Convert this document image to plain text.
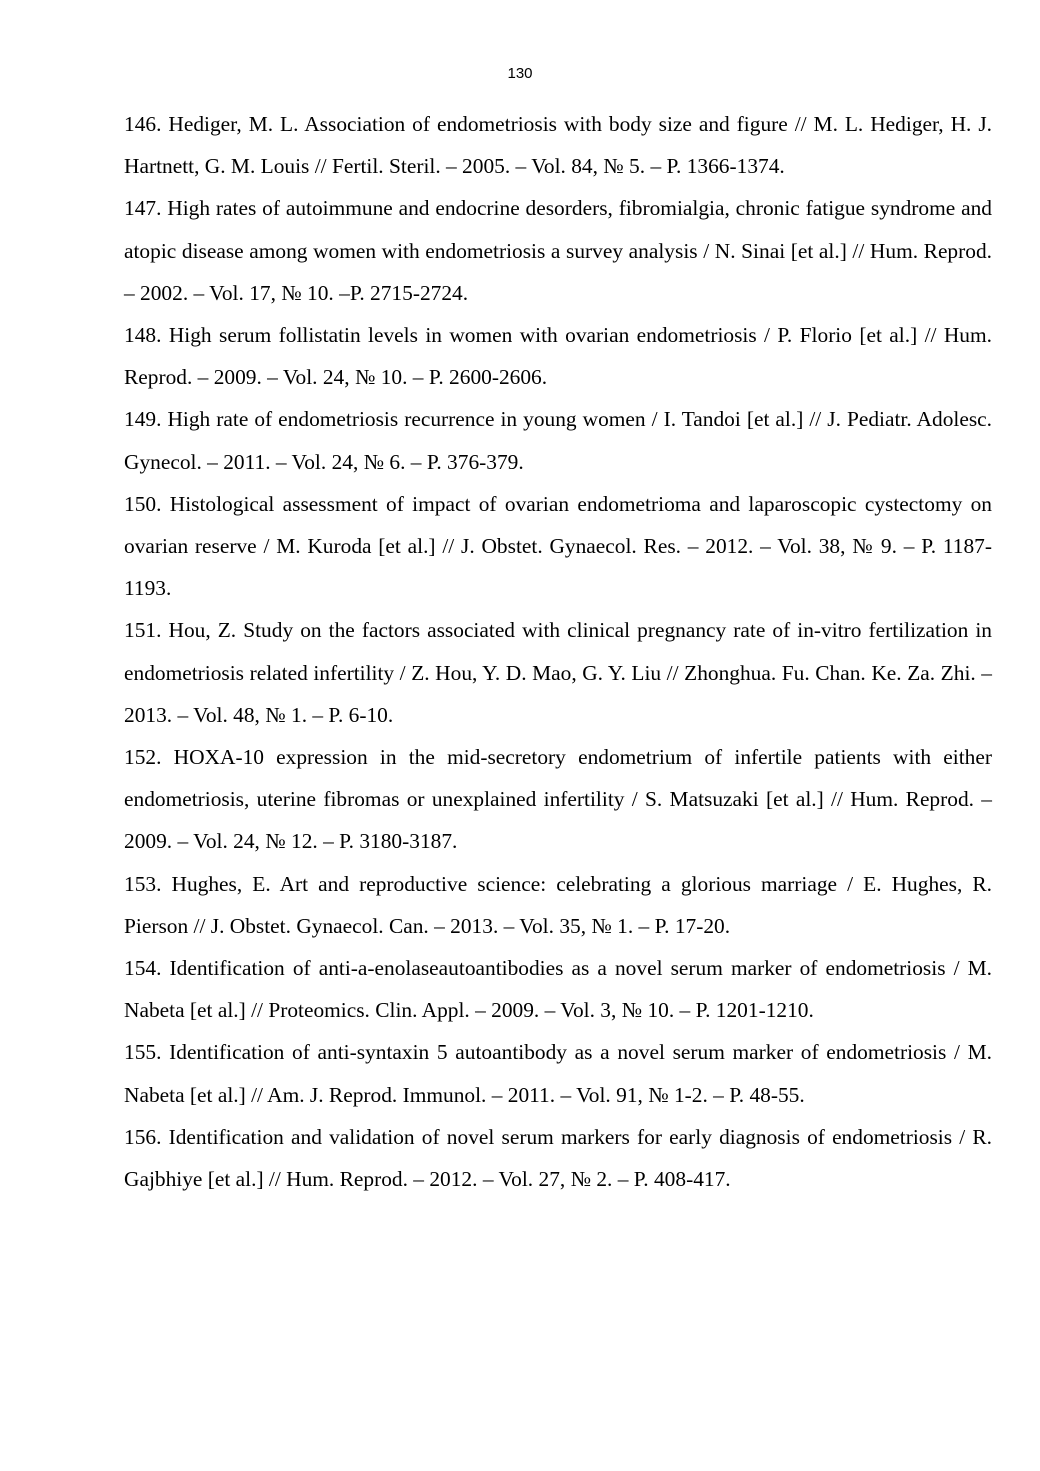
130

146. Hediger, M. L. Association of endometriosis with body size and figure // M. L. Hediger, H. J. Hartnett, G. M. Louis // Fertil. Steril. – 2005. – Vol. 84, № 5. – P. 1366-1374.

147. High rates of autoimmune and endocrine desorders, fibromialgia, chronic fatigue syndrome and atopic disease among women with endometriosis a survey analysis / N. Sinai [et al.] // Hum. Reprod. – 2002. – Vol. 17, № 10. –P. 2715-2724.

148. High serum follistatin levels in women with ovarian endometriosis / P. Florio [et al.] // Hum. Reprod. – 2009. – Vol. 24, № 10. – P. 2600-2606.

149. High rate of endometriosis recurrence in young women / I. Tandoi [et al.] // J. Pediatr. Adolesc. Gynecol. – 2011. – Vol. 24, № 6. – P. 376-379.

150. Histological assessment of impact of ovarian endometrioma and laparoscopic cystectomy on ovarian reserve / M. Kuroda [et al.] // J. Obstet. Gynaecol. Res. – 2012. – Vol. 38, № 9. – P. 1187-1193.

151. Hou, Z. Study on the factors associated with clinical pregnancy rate of in-vitro fertilization in endometriosis related infertility / Z. Hou, Y. D. Mao, G. Y. Liu // Zhonghua. Fu. Chan. Ke. Za. Zhi. – 2013. – Vol. 48, № 1. – P. 6-10.

152. HOXA-10 expression in the mid-secretory endometrium of infertile patients with either endometriosis, uterine fibromas or unexplained infertility / S. Matsuzaki [et al.] // Hum. Reprod. – 2009. – Vol. 24, № 12. – P. 3180-3187.

153. Hughes, E. Art and reproductive science: celebrating a glorious marriage / E. Hughes, R. Pierson // J. Obstet. Gynaecol. Can. – 2013. – Vol. 35, № 1. – P. 17-20.

154. Identification of anti-a-enolaseautoantibodies as a novel serum marker of endometriosis / M. Nabeta [et al.] // Proteomics. Clin. Appl. – 2009. – Vol. 3, № 10. – P. 1201-1210.

155. Identification of anti-syntaxin 5 autoantibody as a novel serum marker of endometriosis / M. Nabeta [et al.] // Am. J. Reprod. Immunol. – 2011. – Vol. 91, № 1-2. – P. 48-55.

156. Identification and validation of novel serum markers for early diagnosis of endometriosis / R. Gajbhiye [et al.] // Hum. Reprod. – 2012. – Vol. 27, № 2. – P. 408-417.
